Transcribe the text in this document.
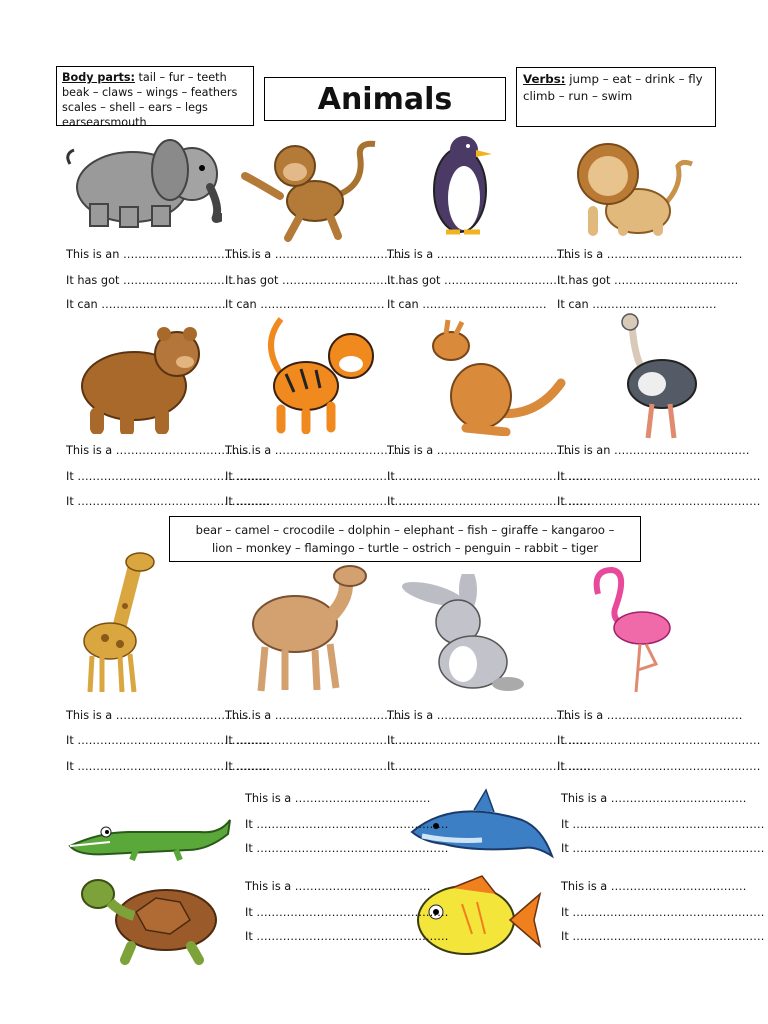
Body parts: tail – fur – teeth
beak – claws – wings – feathers
scales – shell – ears – legs
earsearsmouth
Animals
Verbs: jump – eat – drink – fly
climb – run – swim
This is an ………………………………
It has got ……………………………
It can ……………………………
This is a ………………………………
It has got ……………………………
It can ……………………………
This is a ………………………………
It has got ……………………………
It can ……………………………
This is a ………………………………
It has got ……………………………
It can ……………………………
This is a ………………………………
It ……………………………………………
It ……………………………………………
This is a ………………………………
It ……………………………………………
It ……………………………………………
This is a ………………………………
It ……………………………………………
It ……………………………………………
This is an ………………………………
It ……………………………………………
It ……………………………………………
bear – camel – crocodile – dolphin – elephant – fish – giraffe – kangaroo –
lion – monkey – flamingo – turtle – ostrich – penguin – rabbit – tiger
This is a ………………………………
It ……………………………………………
It ……………………………………………
This is a ………………………………
It ……………………………………………
It ……………………………………………
This is a ………………………………
It ……………………………………………
It ……………………………………………
This is a ………………………………
It ……………………………………………
It ……………………………………………
This is a ………………………………
It ……………………………………………
It ……………………………………………
This is a ………………………………
It ……………………………………………
It ……………………………………………
This is a ………………………………
It ……………………………………………
It ……………………………………………
This is a ………………………………
It ……………………………………………
It ……………………………………………
